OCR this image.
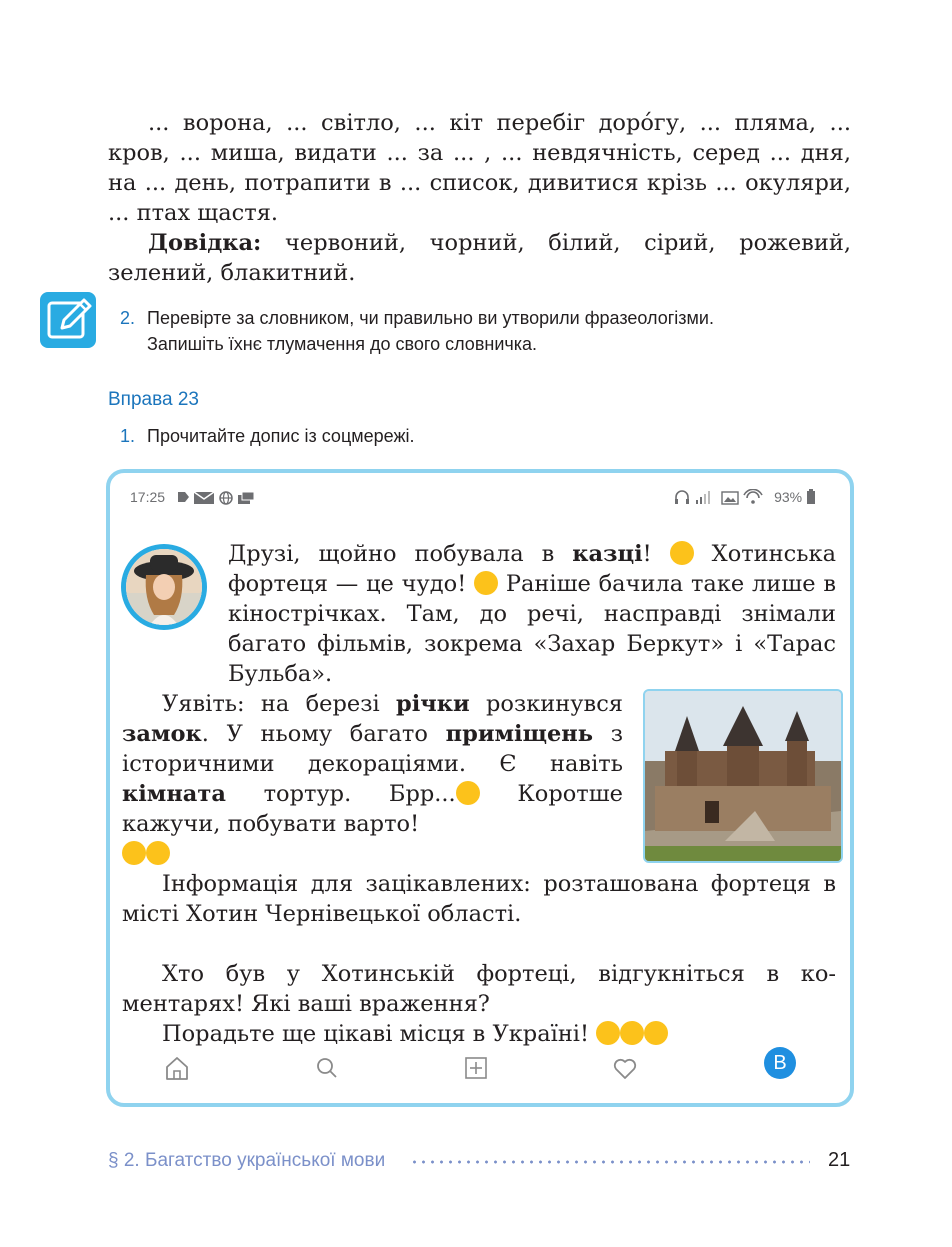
... ворона, ... світло, ... кіт перебіг доро́гу, ... пляма, ... кров, ... миша, видати ... за ... , ... невдячність, серед ... дня, на ... день, потрапити в ... список, дивитися крізь ... окуляри, ... птах щастя.

Довідка: червоний, чорний, білий, сірий, рожевий, зелений, блакитний.

2. Перевірте за словником, чи правильно ви утворили фразеологізми.
Запишіть їхнє тлумачення до свого словничка.
Вправа 23
1. Прочитайте допис із соцмережі.
17:25	93%
Друзі, щойно побувала в казці!  Хотинська фортеця — це чудо!  Раніше бачила таке лише в кінострічках. Там, до речі, насправді знімали багато фільмів, зокрема «Захар Беркут» і «Тарас Бульба».
Уявіть: на березі річки розкинувся замок. У ньому багато приміщень з історичними декораціями. Є навіть кімната тортур. Брр... Коротше кажучи, побувати варто!
Інформація для зацікавлених: розташована фортеця в місті Хотин Чернівецької області.
Хто був у Хотинській фортеці, відгукніться в коментарях! Які ваші враження?
Порадьте ще цікаві місця в Україні!
B
§ 2. Багатство української мови	21
